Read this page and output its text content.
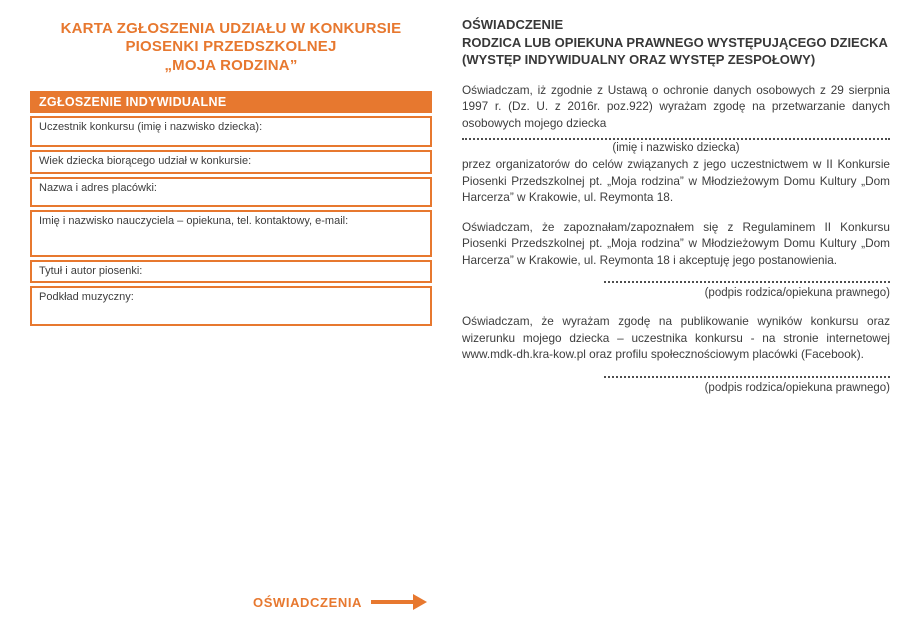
KARTA ZGŁOSZENIA UDZIAŁU W KONKURSIE
PIOSENKI PRZEDSZKOLNEJ
„MOJA RODZINA”
ZGŁOSZENIE INDYWIDUALNE
Uczestnik konkursu (imię i nazwisko dziecka):
Wiek dziecka biorącego udział w konkursie:
Nazwa i adres placówki:
Imię i nazwisko nauczyciela – opiekuna, tel. kontaktowy, e-mail:
Tytuł i autor piosenki:
Podkład muzyczny:
OŚWIADCZENIA
OŚWIADCZENIE
RODZICA LUB OPIEKUNA PRAWNEGO WYSTĘPUJĄCEGO DZIECKA
(WYSTĘP INDYWIDUALNY ORAZ WYSTĘP ZESPOŁOWY)

Oświadczam, iż zgodnie z Ustawą o ochronie danych osobowych z 29 sierpnia 1997 r. (Dz. U. z 2016r. poz.922) wyrażam zgodę na przetwarzanie danych osobowych mojego dziecka

(imię i nazwisko dziecka)

przez organizatorów do celów związanych z jego uczestnictwem w II Konkursie Piosenki Przedszkolnej pt. „Moja rodzina” w Młodzieżowym Domu Kultury „Dom Harcerza” w Krakowie, ul. Reymonta 18.

Oświadczam, że zapoznałam/zapoznałem się z Regulaminem II Konkursu Piosenki Przedszkolnej pt. „Moja rodzina” w Młodzieżowym Domu Kultury „Dom Harcerza” w Krakowie, ul. Reymonta 18 i akceptuję jego postanowienia.

(podpis rodzica/opiekuna prawnego)

Oświadczam, że wyrażam zgodę na publikowanie wyników konkursu oraz wizerunku mojego dziecka – uczestnika konkursu - na stronie internetowej www.mdk-dh.kra-kow.pl oraz profilu społecznościowym placówki (Facebook).

(podpis rodzica/opiekuna prawnego)
